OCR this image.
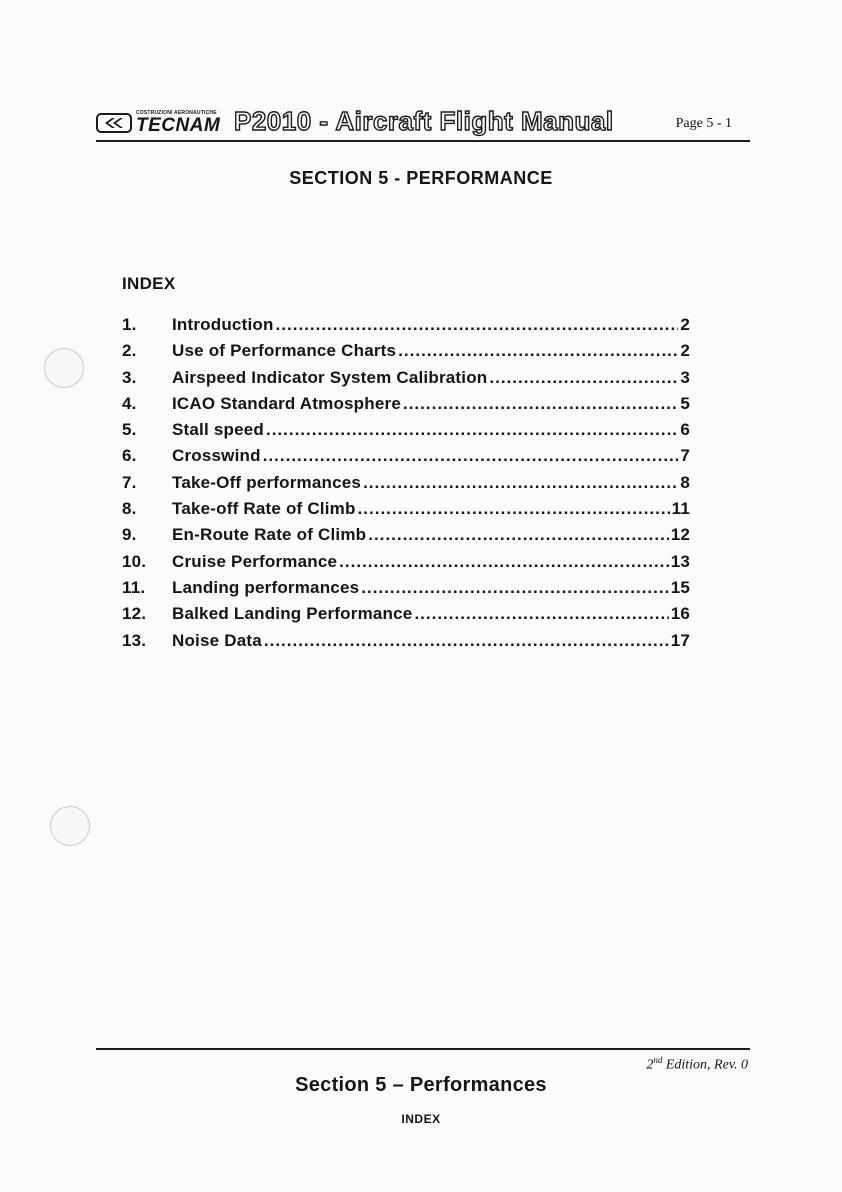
COSTRUZIONI AERONAUTICHE
TECNAM P2010 - Aircraft Flight Manual	Page 5 - 1
SECTION 5 - PERFORMANCE
INDEX
1.	Introduction .....	2
2.	Use of Performance Charts .....	2
3.	Airspeed Indicator System Calibration .....	3
4.	ICAO Standard Atmosphere .....	5
5.	Stall speed .....	6
6.	Crosswind .....	7
7.	Take-Off performances .....	8
8.	Take-off Rate of Climb .....	11
9.	En-Route Rate of Climb .....	12
10.	Cruise Performance .....	13
11.	Landing performances .....	15
12.	Balked Landing Performance .....	16
13.	Noise Data .....	17
2nd Edition, Rev. 0
Section 5 – Performances
INDEX
